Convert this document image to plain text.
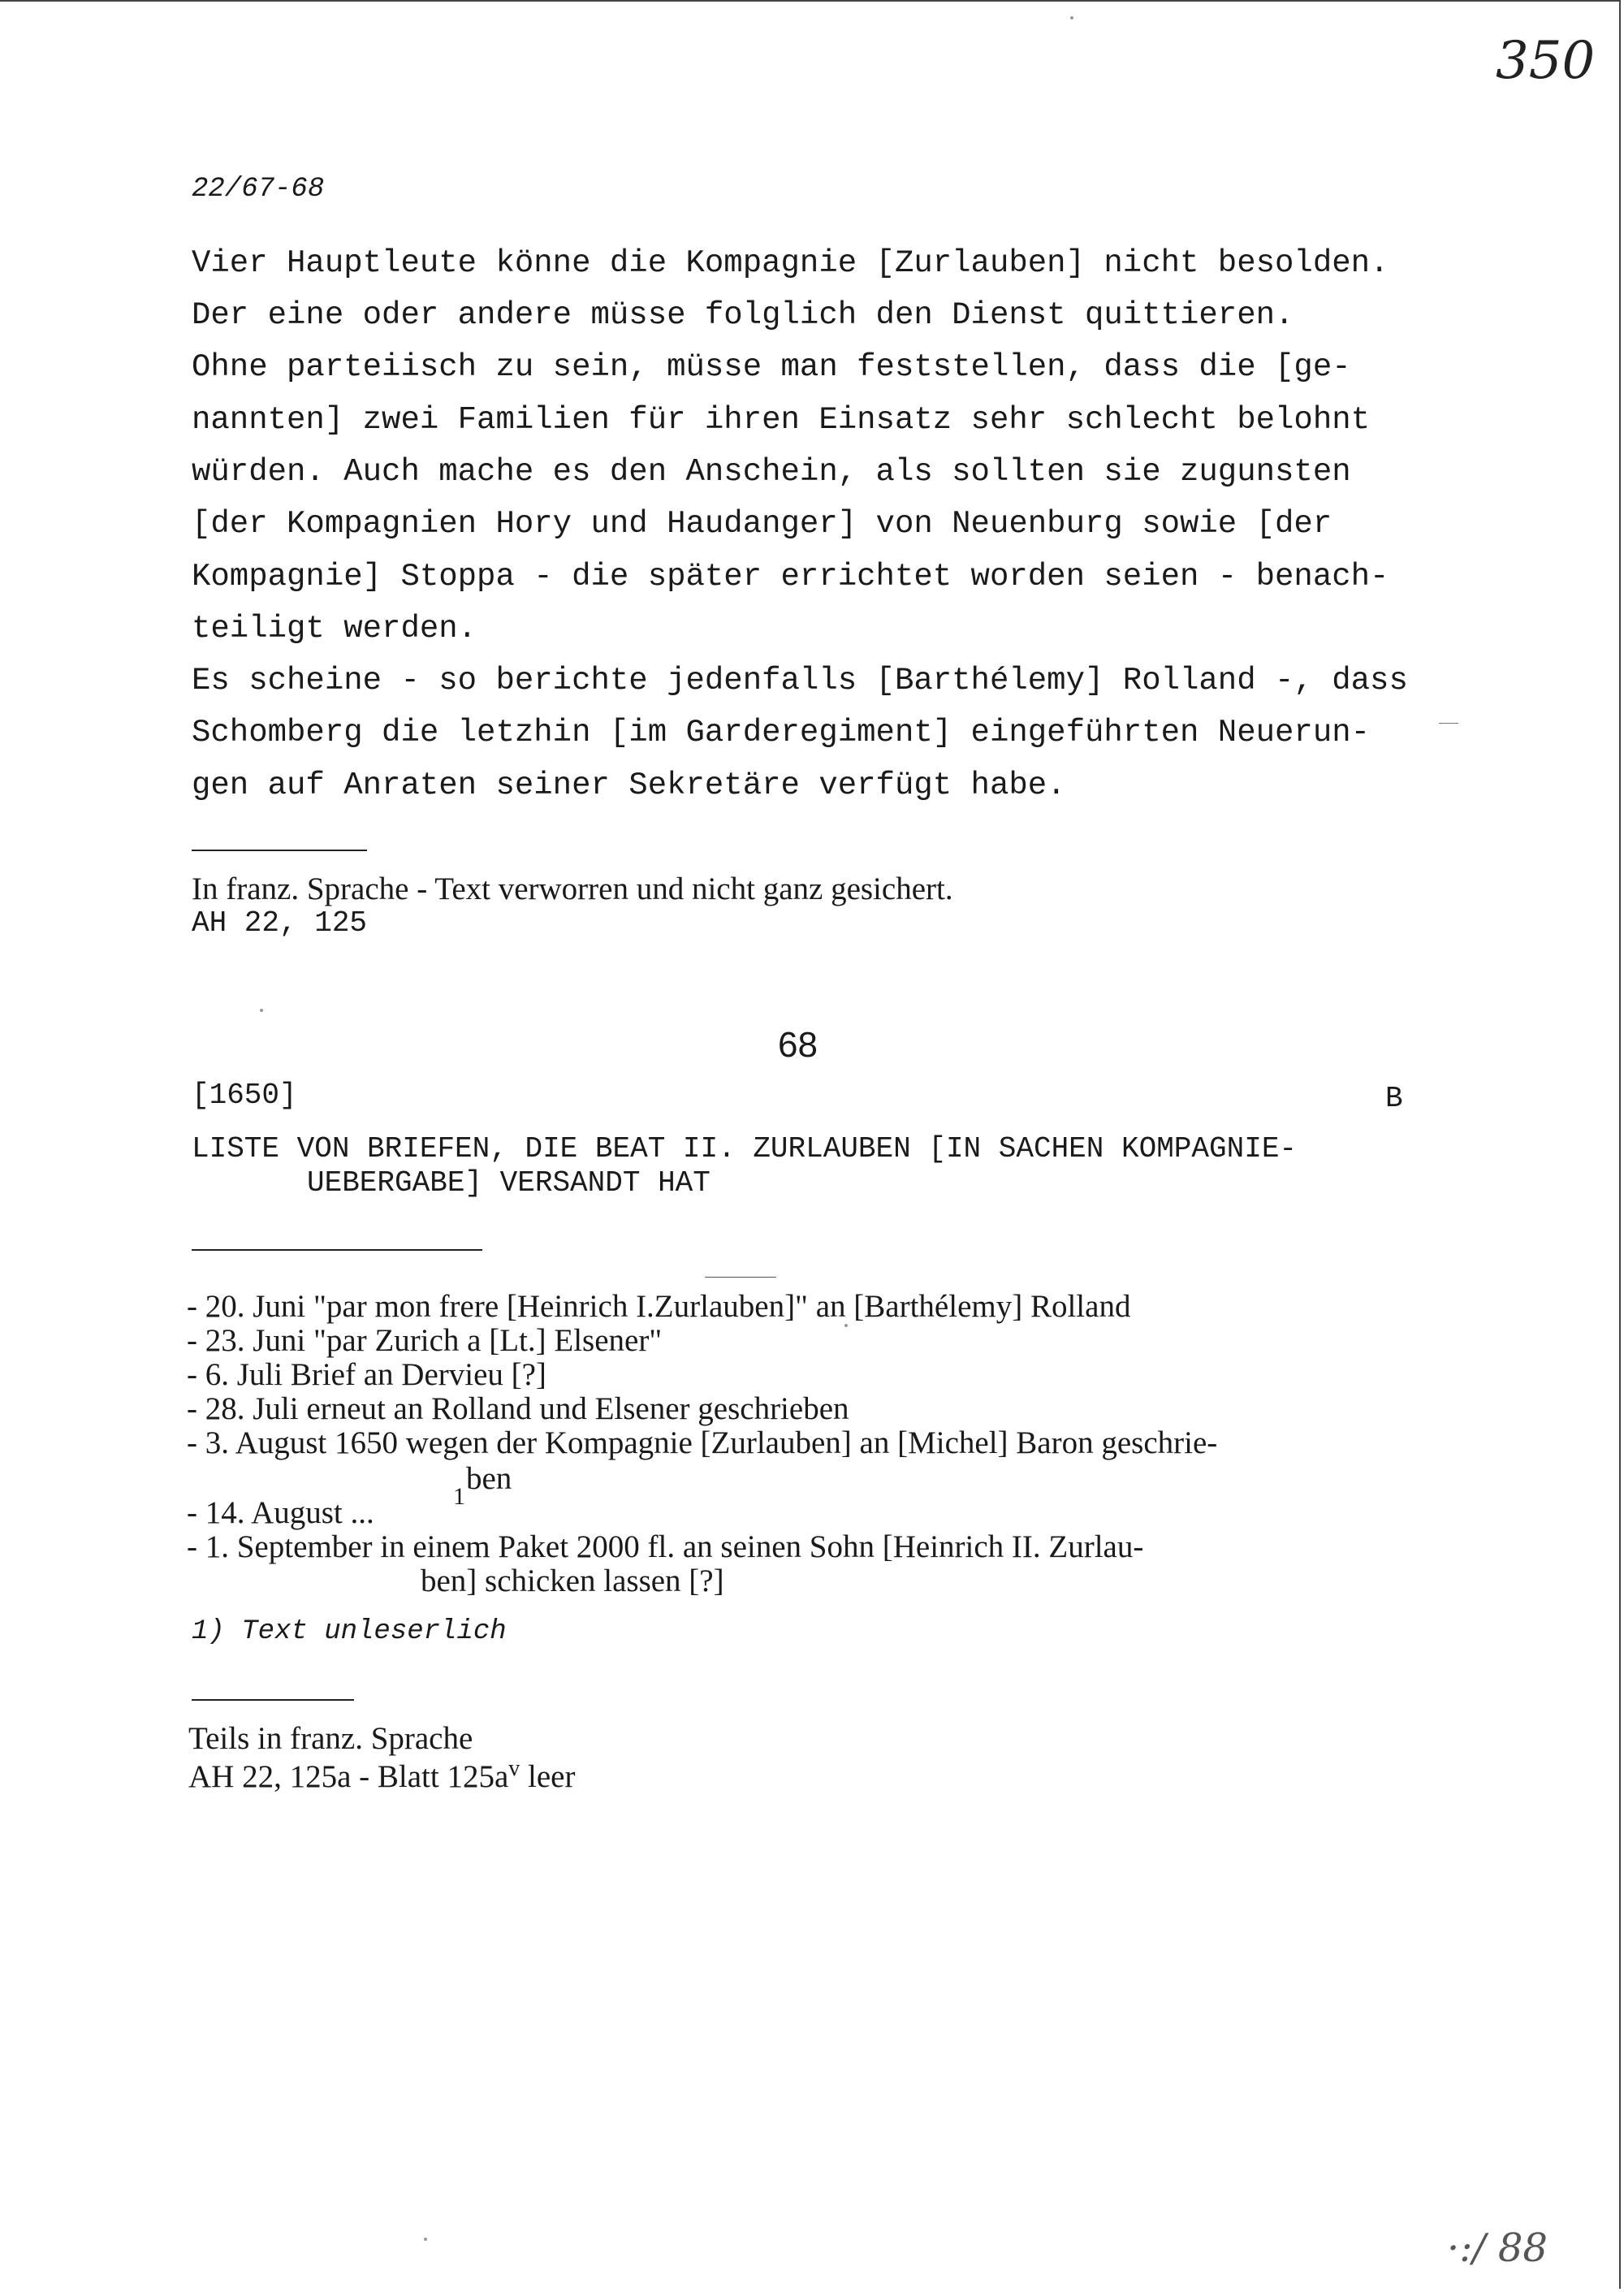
350
22/67-68
Vier Hauptleute könne die Kompagnie [Zurlauben] nicht besolden.
Der eine oder andere müsse folglich den Dienst quittieren.
Ohne parteiisch zu sein, müsse man feststellen, dass die [ge-
nannten] zwei Familien für ihren Einsatz sehr schlecht belohnt
würden. Auch mache es den Anschein, als sollten sie zugunsten
[der Kompagnien Hory und Haudanger] von Neuenburg sowie [der
Kompagnie] Stoppa - die später errichtet worden seien - benach-
teiligt werden.
Es scheine - so berichte jedenfalls [Barthélemy] Rolland -, dass
Schomberg die letzhin [im Garderegiment] eingeführten Neuerun-
gen auf Anraten seiner Sekretäre verfügt habe.
In franz. Sprache - Text verworren und nicht ganz gesichert.
AH 22, 125
68
[1650]	B
LISTE VON BRIEFEN, DIE BEAT II. ZURLAUBEN [IN SACHEN KOMPAGNIE-
UEBERGABE] VERSANDT HAT
- 20. Juni "par mon frere [Heinrich I.Zurlauben]" an [Barthélemy] Rolland
- 23. Juni "par Zurich a [Lt.] Elsener"
- 6. Juli Brief an Dervieu [?]
- 28. Juli erneut an Rolland und Elsener geschrieben
- 3. August 1650 wegen der Kompagnie [Zurlauben] an [Michel] Baron geschrie-
ben
- 14. August ...	1
- 1. September in einem Paket 2000 fl. an seinen Sohn [Heinrich II. Zurlau-
ben] schicken lassen [?]
1) Text unleserlich
Teils in franz. Sprache
AH 22, 125a - Blatt $125a^v$ leer
·:/ 88
